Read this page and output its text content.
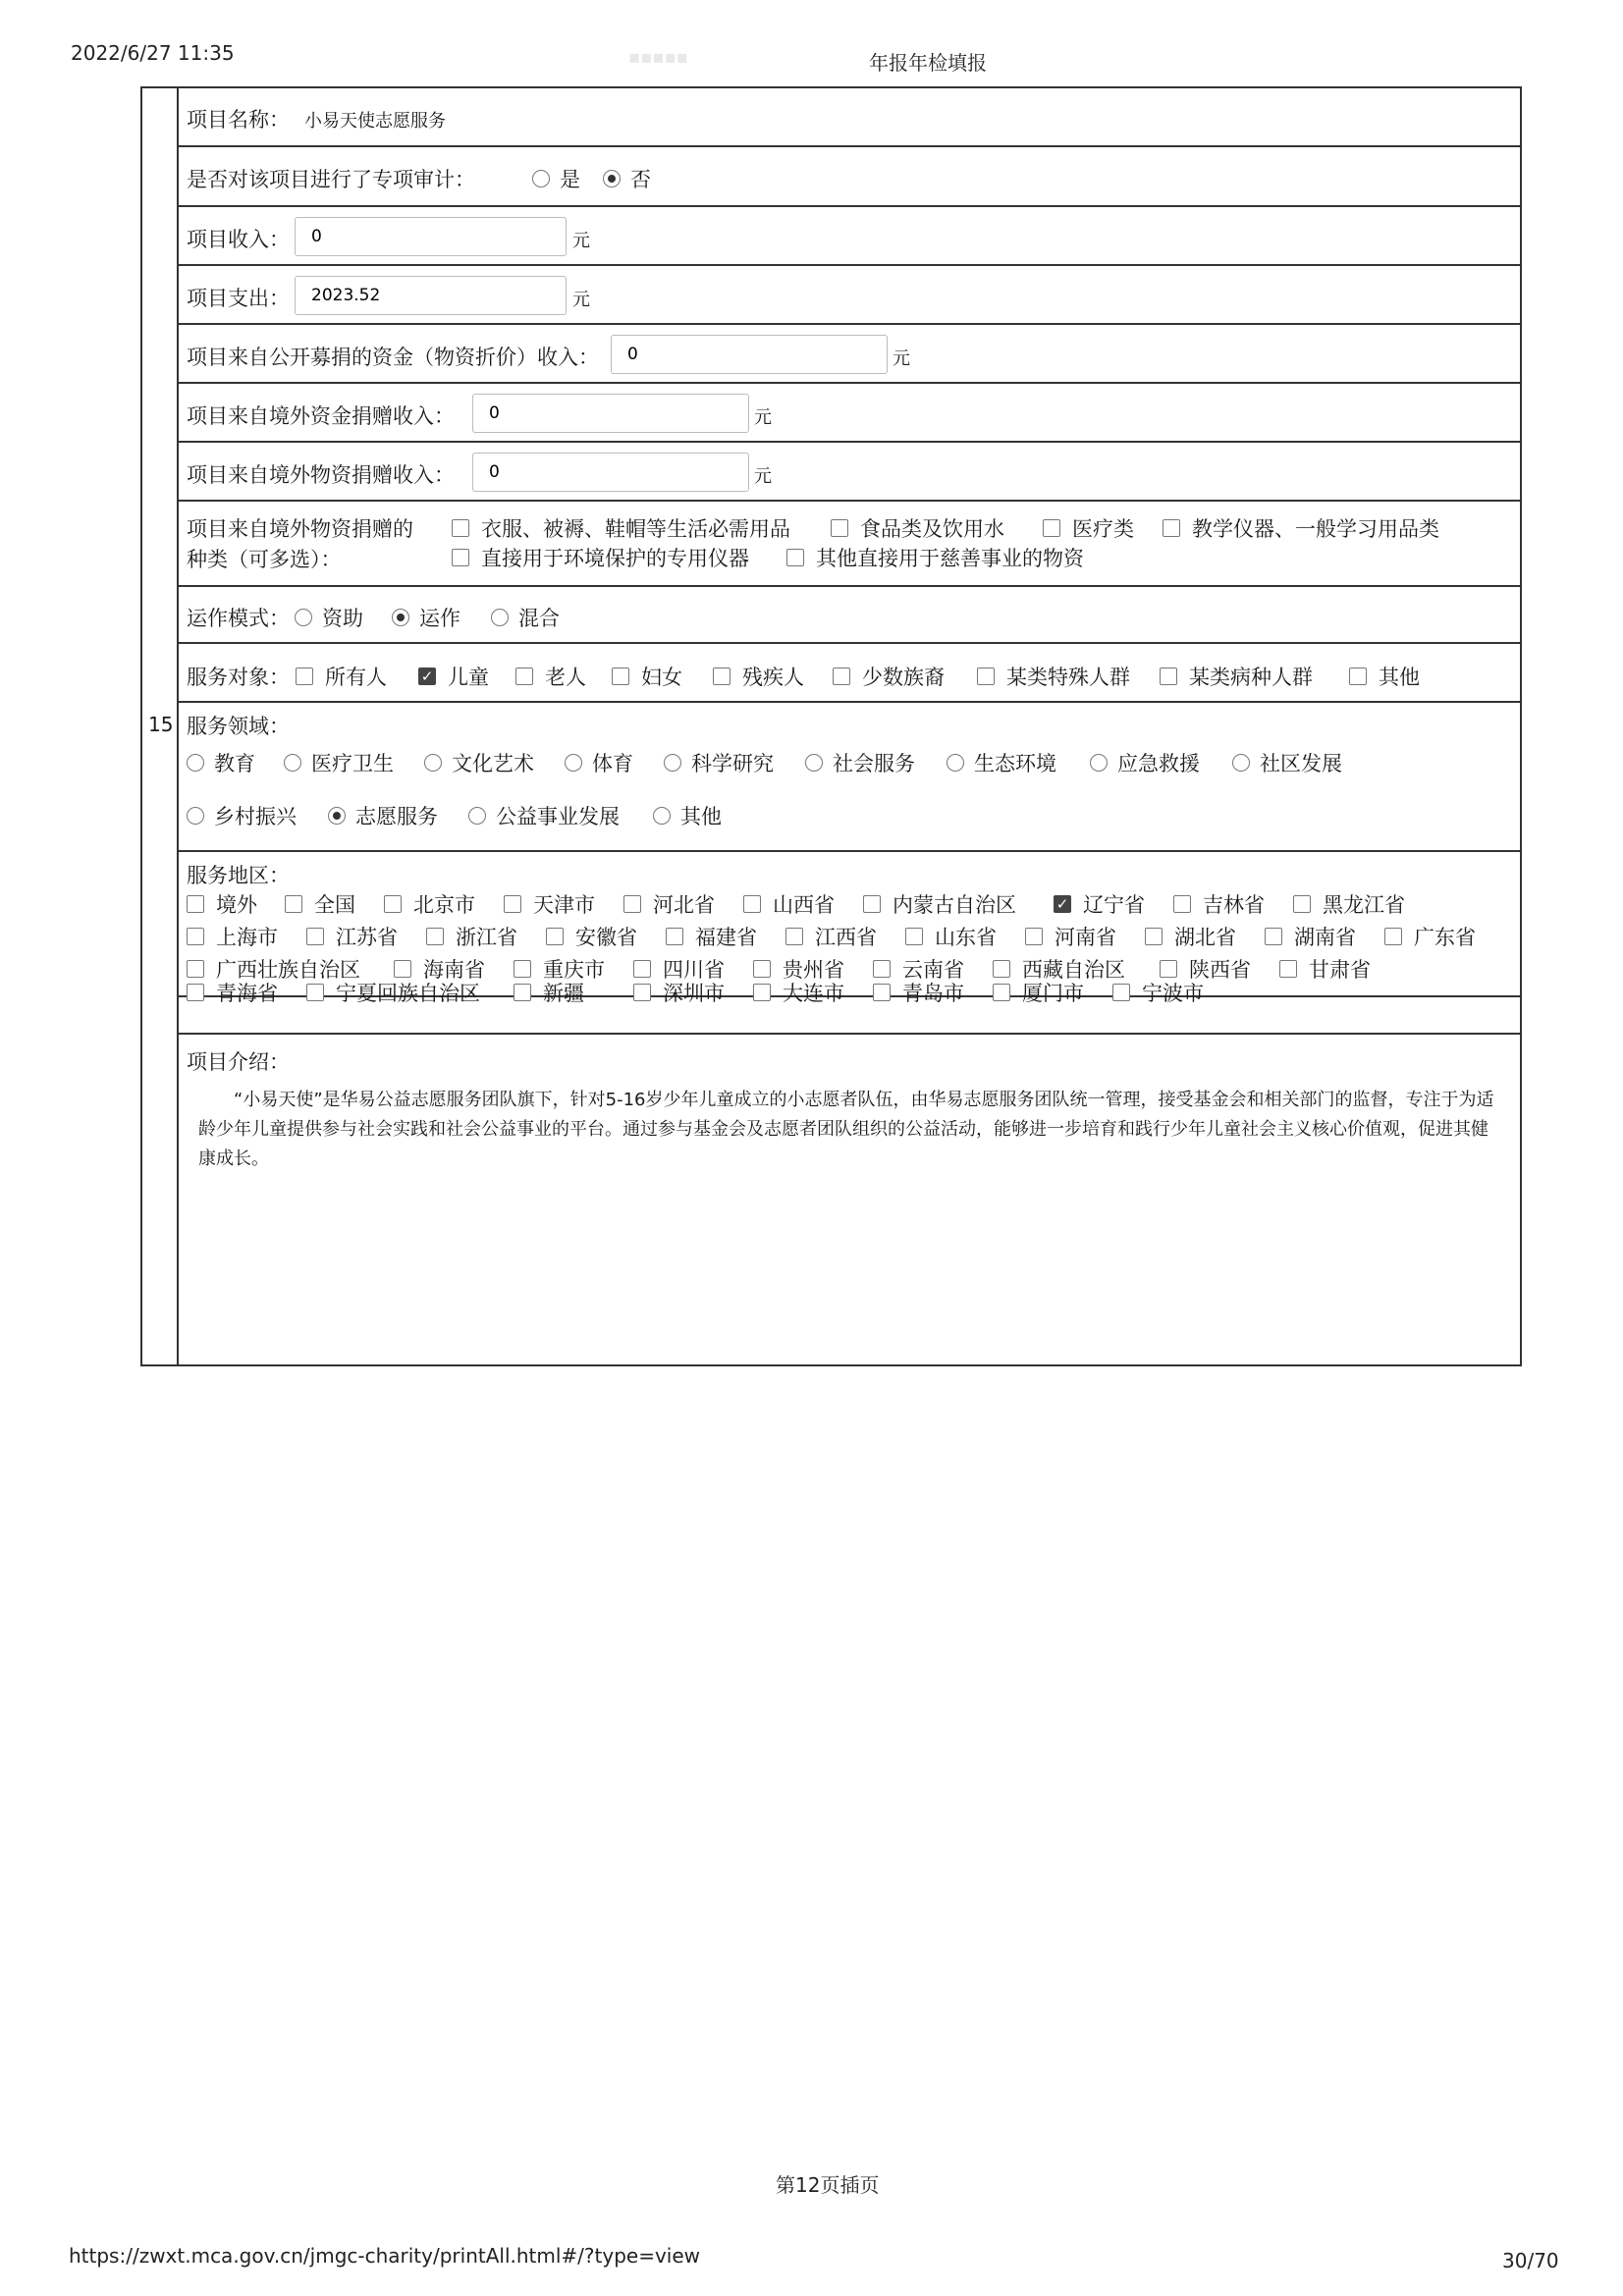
▪▪▪▪▪
2022/6/27 11:35	年报年检填报
15
项目名称： 小易天使志愿服务
是否对该项目进行了专项审计：	是 否
项目收入：
0	元
项目支出：
2023.52	元
项目来自公开募捐的资金（物资折价）收入：
0	元
项目来自境外资金捐赠收入：
0	元
项目来自境外物资捐赠收入：
0	元
项目来自境外物资捐赠的
种类（可多选）：
衣服、被褥、鞋帽等生活必需用品	食品类及饮用水	医疗类	教学仪器、一般学习用品类
直接用于环境保护的专用仪器	其他直接用于慈善事业的物资
运作模式： 资助	运作	混合
服务对象： 所有人 ✓ 儿童	老人	妇女	残疾人	少数族裔	某类特殊人群	某类病种人群	其他
服务领域：
教育	医疗卫生	文化艺术	体育	科学研究	社会服务	生态环境	应急救援	社区发展
乡村振兴	志愿服务	公益事业发展	其他
服务地区：
境外	全国	北京市	天津市	河北省	山西省	内蒙古自治区	✓ 辽宁省	吉林省	黑龙江省
上海市	江苏省	浙江省	安徽省	福建省	江西省	山东省	河南省	湖北省	湖南省	广东省
广西壮族自治区	海南省	重庆市	四川省	贵州省	云南省	西藏自治区	陕西省	甘肃省
青海省	宁夏回族自治区	新疆	深圳市	大连市	青岛市	厦门市	宁波市
项目介绍：
“小易天使”是华易公益志愿服务团队旗下，针对5-16岁少年儿童成立的小志愿者队伍，由华易志愿服务团队统一管理，接受基金会和相关部门的监督，专注于为适龄少年儿童提供参与社会实践和社会公益事业的平台。通过参与基金会及志愿者团队组织的公益活动，能够进一步培育和践行少年儿童社会主义核心价值观，促进其健康成长。
第12页插页
https://zwxt.mca.gov.cn/jmgc-charity/printAll.html#/?type=view	30/70
